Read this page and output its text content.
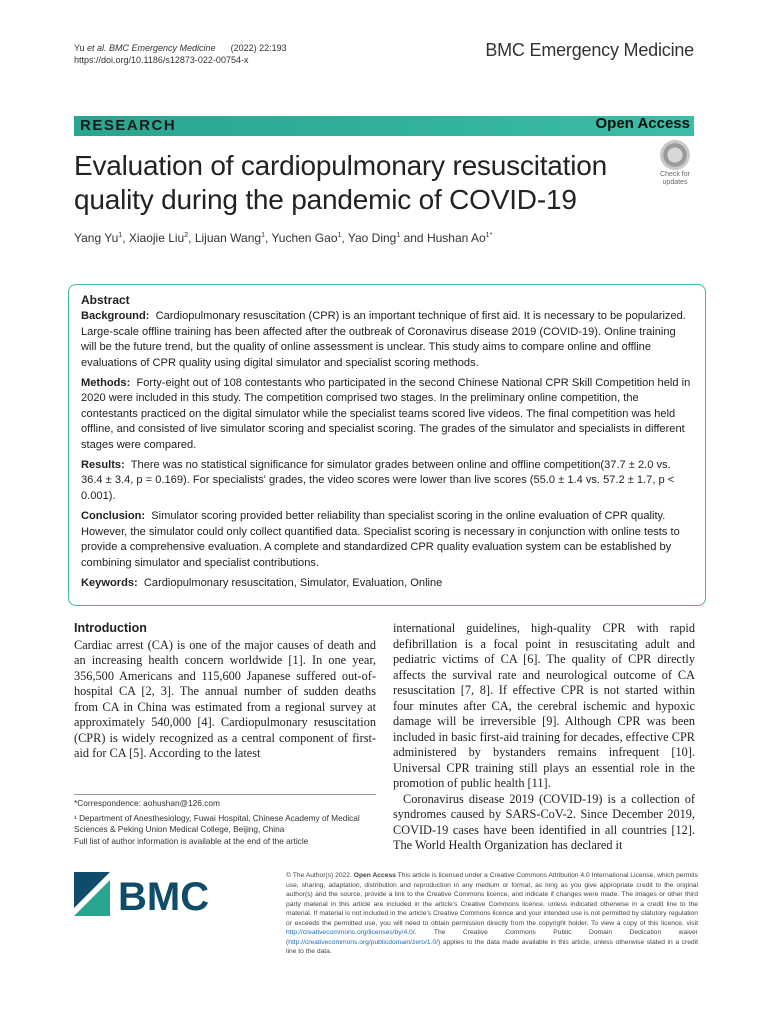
Yu et al. BMC Emergency Medicine (2022) 22:193
https://doi.org/10.1186/s12873-022-00754-x	BMC Emergency Medicine
RESEARCH	Open Access
Evaluation of cardiopulmonary resuscitation
quality during the pandemic of COVID-19
Check for
updates
Yang Yu$^1$, Xiaojie Liu$^2$, Lijuan Wang$^1$, Yuchen Gao$^1$, Yao Ding$^1$ and Hushan $Ao^{1*}$
Abstract

Background: Cardiopulmonary resuscitation (CPR) is an important technique of first aid. It is necessary to be popularized. Large-scale offline training has been affected after the outbreak of Coronavirus disease 2019 (COVID-19). Online training will be the future trend, but the quality of online assessment is unclear. This study aims to compare online and offline evaluations of CPR quality using digital simulator and specialist scoring methods.

Methods: Forty-eight out of 108 contestants who participated in the second Chinese National CPR Skill Competition held in 2020 were included in this study. The competition comprised two stages. In the preliminary online competition, the contestants practiced on the digital simulator while the specialist teams scored live videos. The final competition was held offline, and consisted of live simulator scoring and specialist scoring. The grades of the simulator and specialists in different stages were compared.

Results: There was no statistical significance for simulator grades between online and offline competition(37.7 ± 2.0 vs. 36.4 ± 3.4, p = 0.169). For specialists' grades, the video scores were lower than live scores (55.0 ± 1.4 vs. 57.2 ± 1.7, p < 0.001).

Conclusion: Simulator scoring provided better reliability than specialist scoring in the online evaluation of CPR quality. However, the simulator could only collect quantified data. Specialist scoring is necessary in conjunction with online tests to provide a comprehensive evaluation. A complete and standardized CPR quality evaluation system can be established by combining simulator and specialist contributions.

Keywords: Cardiopulmonary resuscitation, Simulator, Evaluation, Online

Introduction

Cardiac arrest (CA) is one of the major causes of death and an increasing health concern worldwide [1]. In one year, 356,500 Americans and 115,600 Japanese suffered out-of-hospital CA [2, 3]. The annual number of sudden deaths from CA in China was estimated from a regional survey at approximately 540,000 [4]. Cardiopulmonary resuscitation (CPR) is widely recognized as a central component of first-aid for CA [5]. According to the latest

international guidelines, high-quality CPR with rapid defibrillation is a focal point in resuscitating adult and pediatric victims of CA [6]. The quality of CPR directly affects the survival rate and neurological outcome of CA resuscitation [7, 8]. If effective CPR is not started within four minutes after CA, the cerebral ischemic and hypoxic damage will be irreversible [9]. Although CPR was been included in basic first-aid training for decades, effective CPR administered by bystanders remains infrequent [10]. Universal CPR training still plays an essential role in the promotion of public health [11].

Coronavirus disease 2019 (COVID-19) is a collection of syndromes caused by SARS-CoV-2. Since December 2019, COVID-19 cases have been identified in all countries [12]. The World Health Organization has declared it

*Correspondence: aohushan@126.com

¹ Department of Anesthesiology, Fuwai Hospital, Chinese Academy of Medical Sciences & Peking Union Medical College, Beijing, China

Full list of author information is available at the end of the article

BMC	© The Author(s) 2022. Open Access This article is licensed under a Creative Commons Attribution 4.0 International License, which permits use, sharing, adaptation, distribution and reproduction in any medium or format, as long as you give appropriate credit to the original author(s) and the source, provide a link to the Creative Commons licence, and indicate if changes were made. The images or other third party material in this article are included in the article's Creative Commons licence, unless indicated otherwise in a credit line to the material. If material is not included in the article's Creative Commons licence and your intended use is not permitted by statutory regulation or exceeds the permitted use, you will need to obtain permission directly from the copyright holder. To view a copy of this licence, visit http://creativecommons.org/licenses/by/4.0/. The Creative Commons Public Domain Dedication waiver (http://creativecommons.org/publicdomain/zero/1.0/) applies to the data made available in this article, unless otherwise stated in a credit line to the data.
